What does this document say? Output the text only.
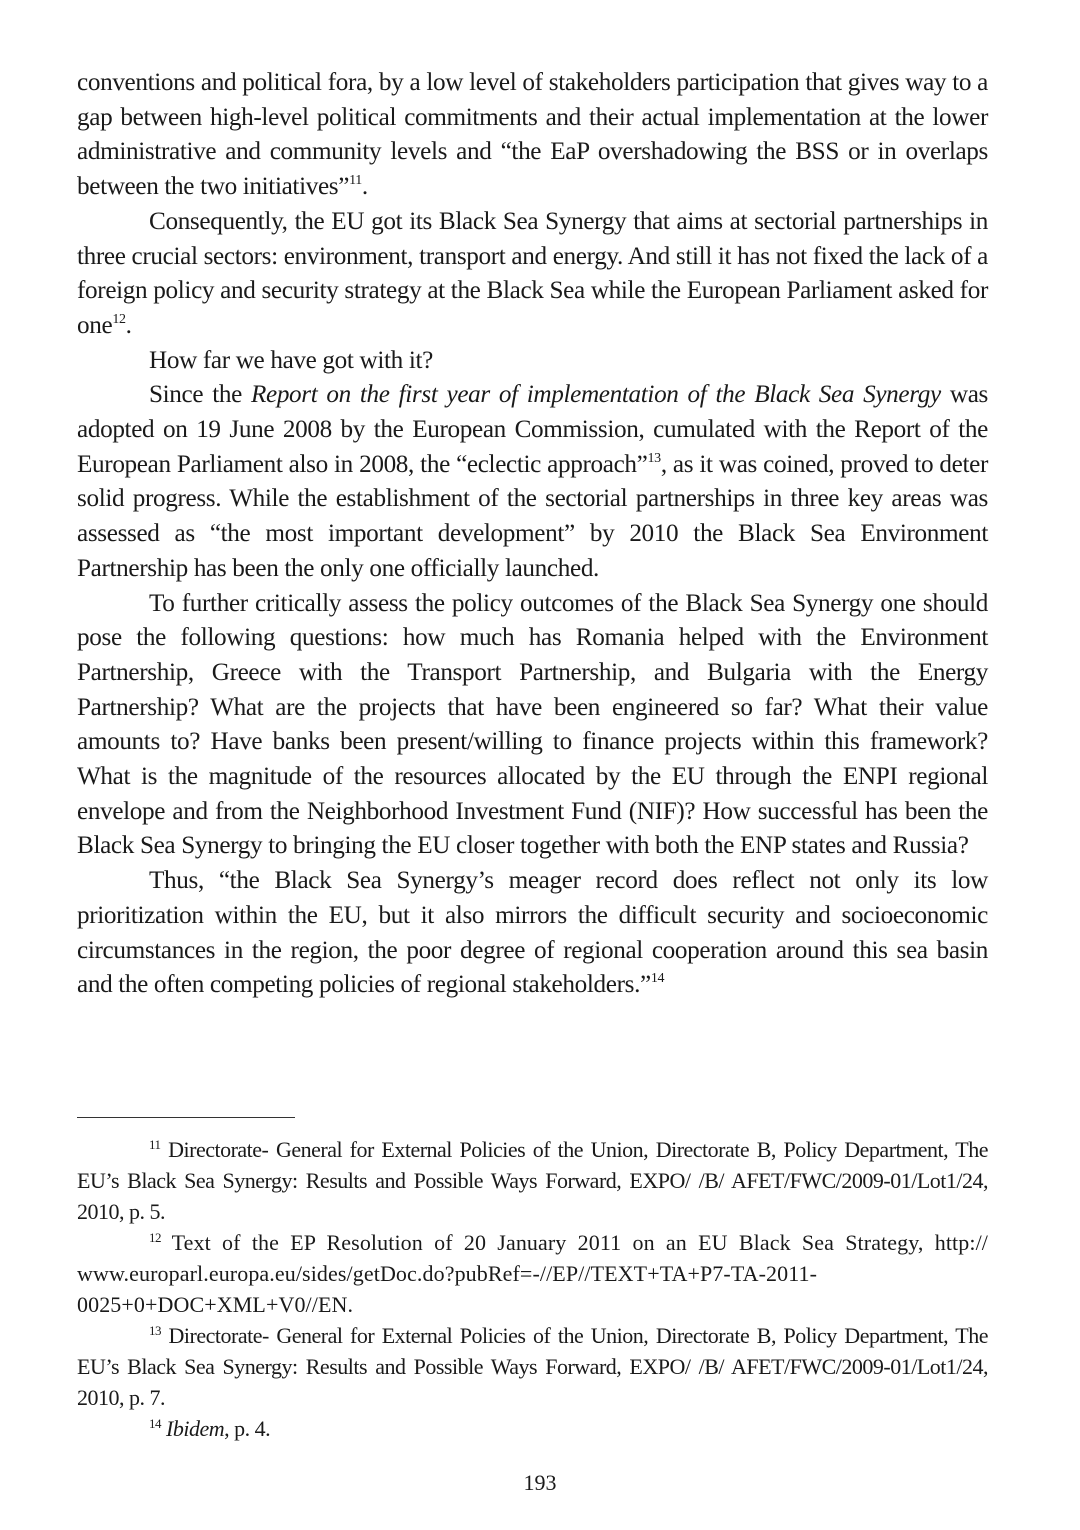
conventions and political fora, by a low level of stakeholders participation that gives way to a gap between high-level political commitments and their actual implementation at the lower administrative and community levels and “the EaP overshadowing the BSS or in overlaps between the two initiatives”$^{11}$.

Consequently, the EU got its Black Sea Synergy that aims at sectorial partnerships in three crucial sectors: environment, transport and energy. And still it has not fixed the lack of a foreign policy and security strategy at the Black Sea while the European Parliament asked for one$^{12}$.

How far we have got with it?

Since the Report on the first year of implementation of the Black Sea Synergy was adopted on 19 June 2008 by the European Commission, cumulated with the Report of the European Parliament also in 2008, the “eclectic approach”$^{13}$, as it was coined, proved to deter solid progress. While the establishment of the sectorial partnerships in three key areas was assessed as “the most important development” by 2010 the Black Sea Environment Partnership has been the only one officially launched.

To further critically assess the policy outcomes of the Black Sea Synergy one should pose the following questions: how much has Romania helped with the Environment Partnership, Greece with the Transport Partnership, and Bulgaria with the Energy Partnership? What are the projects that have been engineered so far? What their value amounts to? Have banks been present/willing to finance projects within this framework? What is the magnitude of the resources allocated by the EU through the ENPI regional envelope and from the Neighborhood Investment Fund (NIF)? How successful has been the Black Sea Synergy to bringing the EU closer together with both the ENP states and Russia?

Thus, “the Black Sea Synergy’s meager record does reflect not only its low prioritization within the EU, but it also mirrors the difficult security and socioeconomic circumstances in the region, the poor degree of regional cooperation around this sea basin and the often competing policies of regional stakeholders.”$^{14}$

$^{11}$ Directorate- General for External Policies of the Union, Directorate B, Policy Department, The EU’s Black Sea Synergy: Results and Possible Ways Forward, EXPO/ /B/ AFET/FWC/2009-01/Lot1/24, 2010, p. 5.

$^{12}$ Text of the EP Resolution of 20 January 2011 on an EU Black Sea Strategy, http:// www.europarl.europa.eu/sides/getDoc.do?pubRef=-//EP//TEXT+TA+P7-TA-2011- 0025+0+DOC+XML+V0//EN.

$^{13}$ Directorate- General for External Policies of the Union, Directorate B, Policy Department, The EU’s Black Sea Synergy: Results and Possible Ways Forward, EXPO/ /B/ AFET/FWC/2009-01/Lot1/24, 2010, p. 7.

$^{14}$ Ibidem, p. 4.

193
